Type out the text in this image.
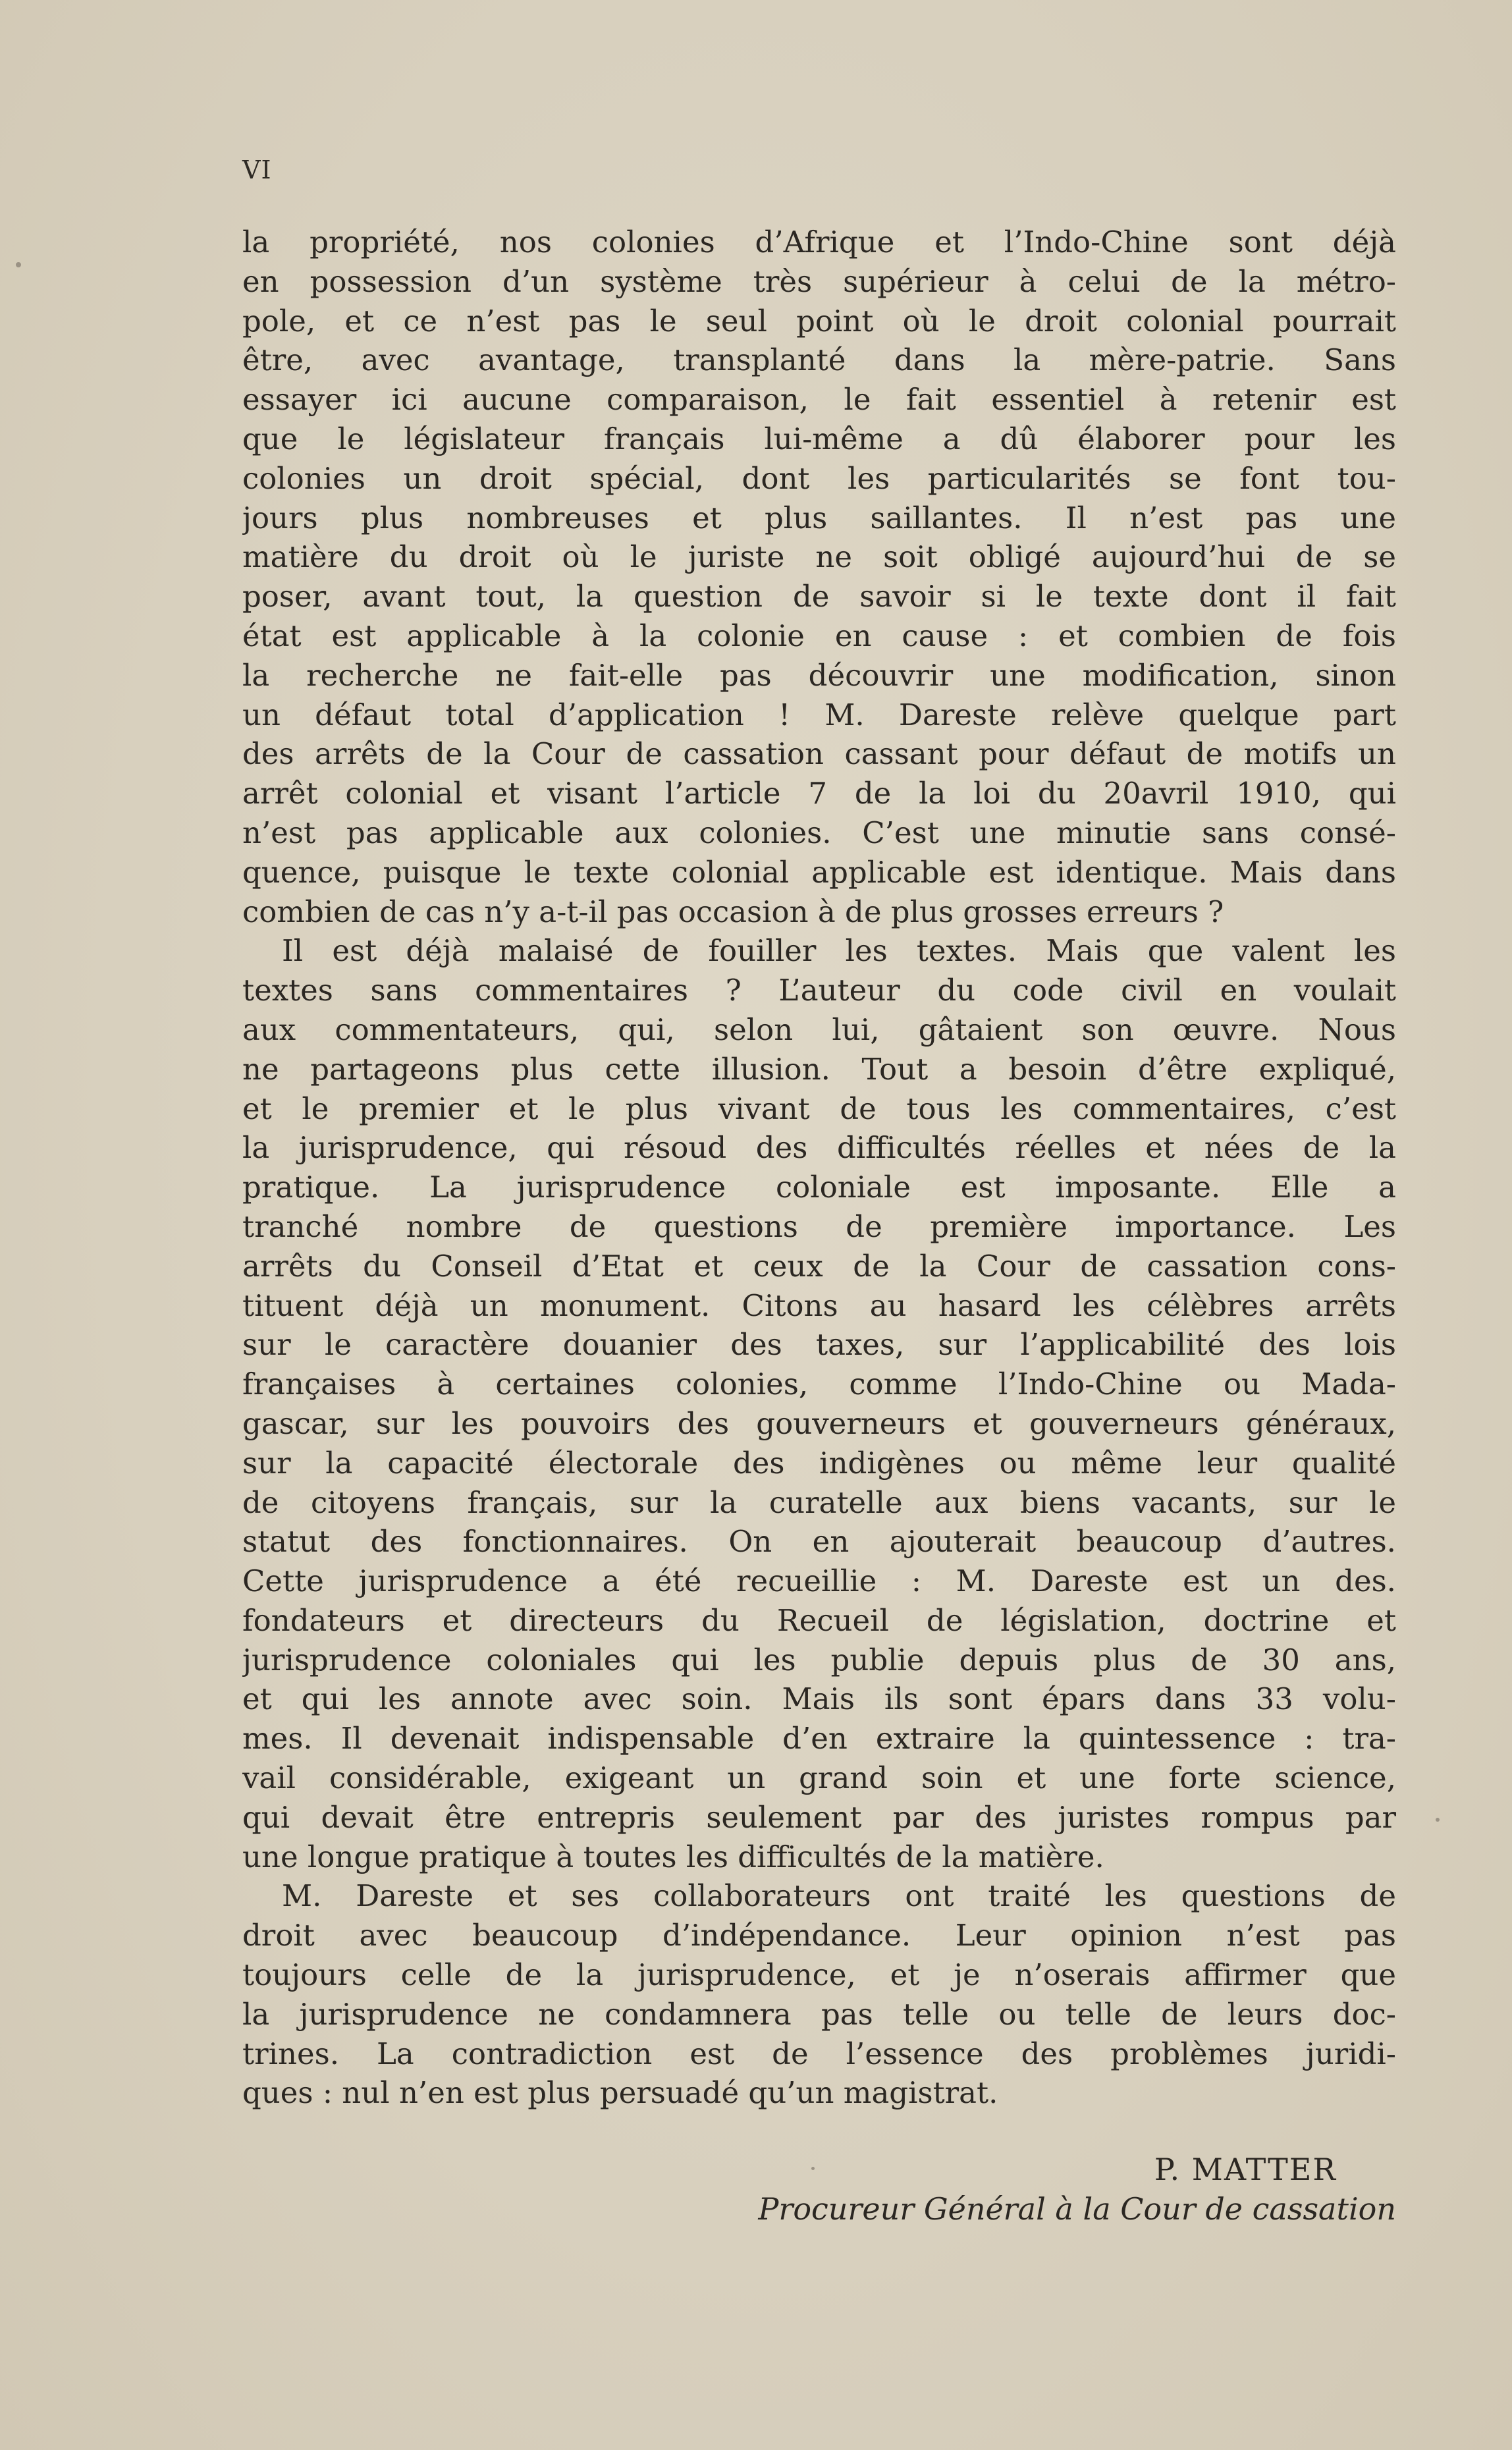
VI
la propriété, nos colonies d’Afrique et l’Indo-Chine sont déjà
en possession d’un système très supérieur à celui de la métro-
pole, et ce n’est pas le seul point où le droit colonial pourrait
être, avec avantage, transplanté dans la mère-patrie. Sans
essayer ici aucune comparaison, le fait essentiel à retenir est
que le législateur français lui-même a dû élaborer pour les
colonies un droit spécial, dont les particularités se font tou-
jours plus nombreuses et plus saillantes. Il n’est pas une
matière du droit où le juriste ne soit obligé aujourd’hui de se
poser, avant tout, la question de savoir si le texte dont il fait
état est applicable à la colonie en cause : et combien de fois
la recherche ne fait-elle pas découvrir une modification, sinon
un défaut total d’application ! M. Dareste relève quelque part
des arrêts de la Cour de cassation cassant pour défaut de motifs un
arrêt colonial et visant l’article 7 de la loi du 20avril 1910, qui
n’est pas applicable aux colonies. C’est une minutie sans consé-
quence, puisque le texte colonial applicable est identique. Mais dans
combien de cas n’y a-t-il pas occasion à de plus grosses erreurs ?
Il est déjà malaisé de fouiller les textes. Mais que valent les
textes sans commentaires ? L’auteur du code civil en voulait
aux commentateurs, qui, selon lui, gâtaient son œuvre. Nous
ne partageons plus cette illusion. Tout a besoin d’être expliqué,
et le premier et le plus vivant de tous les commentaires, c’est
la jurisprudence, qui résoud des difficultés réelles et nées de la
pratique. La jurisprudence coloniale est imposante. Elle a
tranché nombre de questions de première importance. Les
arrêts du Conseil d’Etat et ceux de la Cour de cassation cons-
tituent déjà un monument. Citons au hasard les célèbres arrêts
sur le caractère douanier des taxes, sur l’applicabilité des lois
françaises à certaines colonies, comme l’Indo-Chine ou Mada-
gascar, sur les pouvoirs des gouverneurs et gouverneurs généraux,
sur la capacité électorale des indigènes ou même leur qualité
de citoyens français, sur la curatelle aux biens vacants, sur le
statut des fonctionnaires. On en ajouterait beaucoup d’autres.
Cette jurisprudence a été recueillie : M. Dareste est un des.
fondateurs et directeurs du Recueil de législation, doctrine et
jurisprudence coloniales qui les publie depuis plus de 30 ans,
et qui les annote avec soin. Mais ils sont épars dans 33 volu-
mes. Il devenait indispensable d’en extraire la quintessence : tra-
vail considérable, exigeant un grand soin et une forte science,
qui devait être entrepris seulement par des juristes rompus par
une longue pratique à toutes les difficultés de la matière.
M. Dareste et ses collaborateurs ont traité les questions de
droit avec beaucoup d’indépendance. Leur opinion n’est pas
toujours celle de la jurisprudence, et je n’oserais affirmer que
la jurisprudence ne condamnera pas telle ou telle de leurs doc-
trines. La contradiction est de l’essence des problèmes juridi-
ques : nul n’en est plus persuadé qu’un magistrat.
P. MATTER
Procureur Général à la Cour de cassation
